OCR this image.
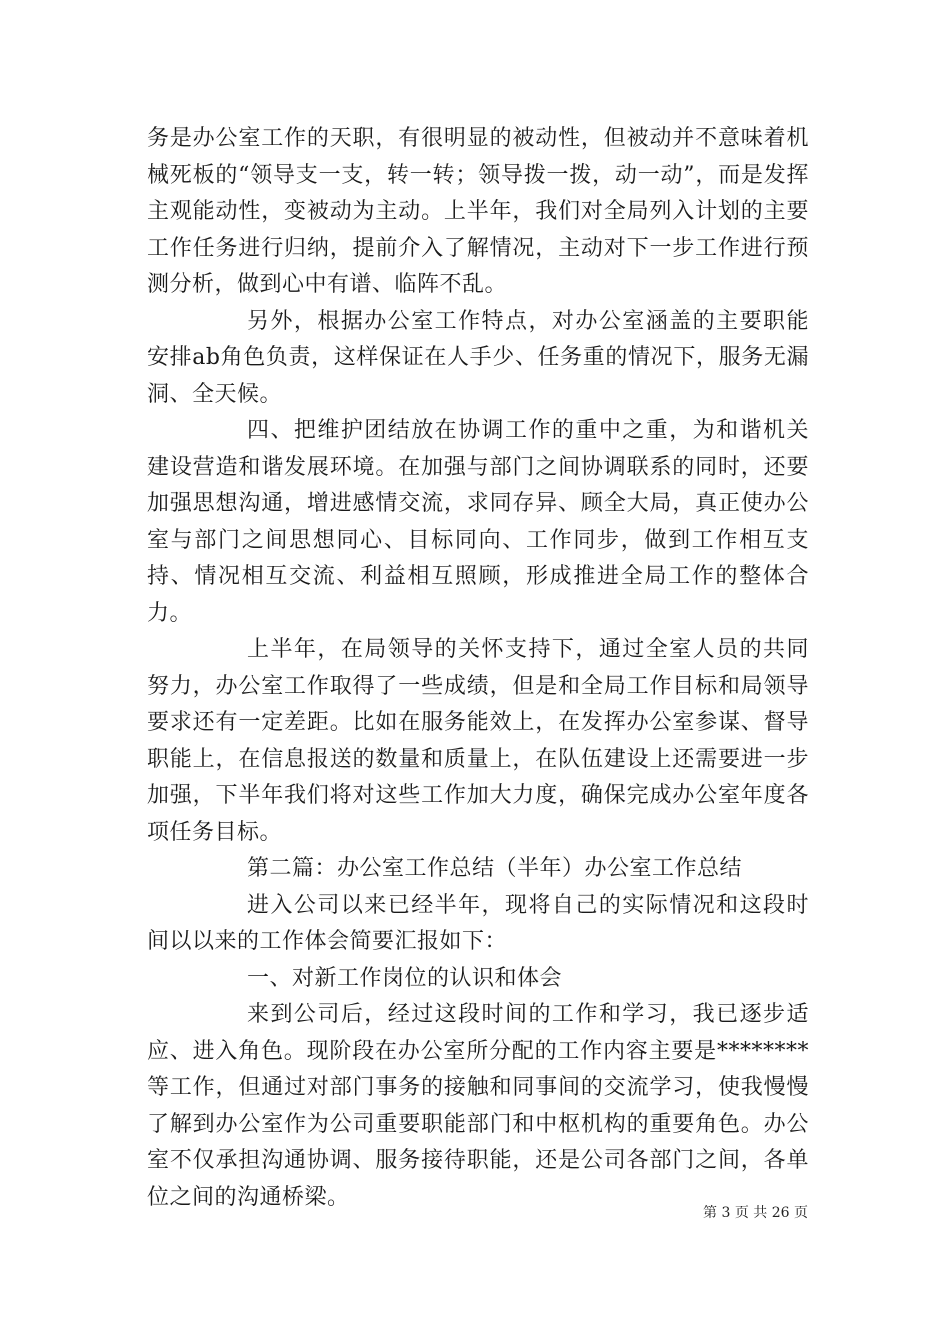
务是办公室工作的天职，有很明显的被动性，但被动并不意味着机械死板的“领导支一支，转一转；领导拨一拨，动一动”，而是发挥主观能动性，变被动为主动。上半年，我们对全局列入计划的主要工作任务进行归纳，提前介入了解情况，主动对下一步工作进行预测分析，做到心中有谱、临阵不乱。

另外，根据办公室工作特点，对办公室涵盖的主要职能安排ab角色负责，这样保证在人手少、任务重的情况下，服务无漏洞、全天候。

四、把维护团结放在协调工作的重中之重，为和谐机关建设营造和谐发展环境。在加强与部门之间协调联系的同时，还要加强思想沟通，增进感情交流，求同存异、顾全大局，真正使办公室与部门之间思想同心、目标同向、工作同步，做到工作相互支持、情况相互交流、利益相互照顾，形成推进全局工作的整体合力。

上半年，在局领导的关怀支持下，通过全室人员的共同努力，办公室工作取得了一些成绩，但是和全局工作目标和局领导要求还有一定差距。比如在服务能效上，在发挥办公室参谋、督导职能上，在信息报送的数量和质量上，在队伍建设上还需要进一步加强，下半年我们将对这些工作加大力度，确保完成办公室年度各项任务目标。

第二篇：办公室工作总结（半年）办公室工作总结

进入公司以来已经半年，现将自己的实际情况和这段时间以以来的工作体会简要汇报如下：

一、对新工作岗位的认识和体会

来到公司后，经过这段时间的工作和学习，我已逐步适应、进入角色。现阶段在办公室所分配的工作内容主要是********等工作，但通过对部门事务的接触和同事间的交流学习，使我慢慢了解到办公室作为公司重要职能部门和中枢机构的重要角色。办公室不仅承担沟通协调、服务接待职能，还是公司各部门之间，各单位之间的沟通桥梁。

第 3 页 共 26 页
